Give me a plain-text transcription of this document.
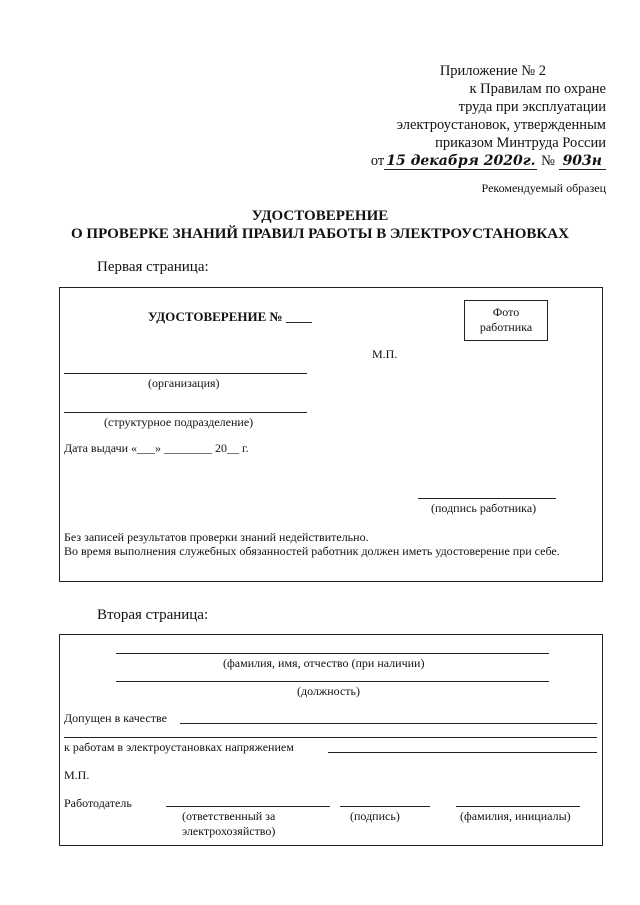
Приложение № 2
к Правилам по охране
труда при эксплуатации
электроустановок, утвержденным
приказом Минтруда России
от 15 декабря 2020г. № 903н
Рекомендуемый образец
УДОСТОВЕРЕНИЕ
О ПРОВЕРКЕ ЗНАНИЙ ПРАВИЛ РАБОТЫ В ЭЛЕКТРОУСТАНОВКАХ
Первая страница:
УДОСТОВЕРЕНИЕ № ____	Фото
работника
М.П.
(организация)
(структурное подразделение)
Дата выдачи «___» ________ 20__ г.
(подпись работника)
Без записей результатов проверки знаний недействительно.
Во время выполнения служебных обязанностей работник должен иметь удостоверение при себе.
Вторая страница:
(фамилия, имя, отчество (при наличии)
(должность)
Допущен в качестве
к работам в электроустановках напряжением
М.П.
Работодатель
(ответственный за электрохозяйство)
(подпись)	(фамилия, инициалы)
